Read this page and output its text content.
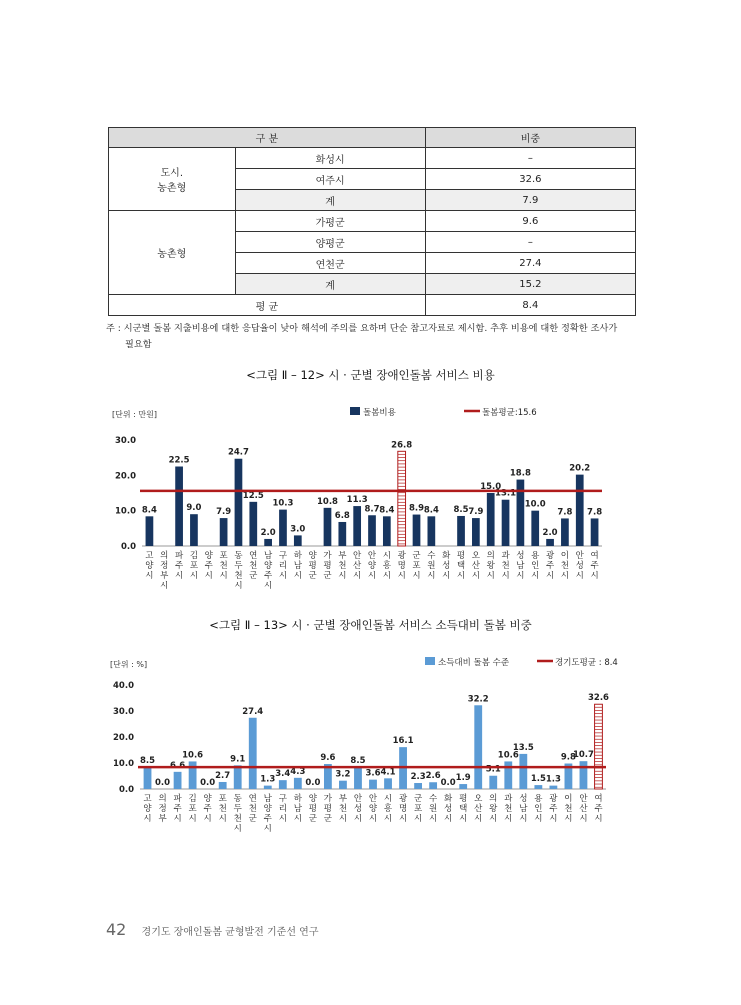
구 분		비중
도시.
농촌형	화성시	–
	여주시	32.6
	계	7.9
농촌형	가평군	9.6
	양평군	–
	연천군	27.4
	계	15.2
평 균		8.4
주 : 시군별 돌봄 지출비용에 대한 응답율이 낮아 해석에 주의를 요하며 단순 참고자료로 제시함. 추후 비용에 대한 정확한 조사가
필요함
<그림 Ⅱ – 12> 시 · 군별 장애인돌봄 서비스 비용
[단위 : 만원]	돌봄비용	돌봄평균:15.6
0.0
10.0
20.0
30.0
8.4
고 양 시
의 정 부 시
22.5
파 주 시
9.0
김 포 시
양 주 시
7.9
포 천 시
24.7
동 두 천 시
12.5
연 천 군
2.0
남 양 주 시
10.3
구 리 시
3.0
하 남 시
양 평 군
10.8
가 평 군
6.8
부 천 시
11.3
안 산 시
8.7
안 양 시
8.4
시 흥 시
26.8
광 명 시
8.9
군 포 시
8.4
수 원 시
화 성 시
8.5
평 택 시
7.9
오 산 시
15.0
의 왕 시
13.1
과 천 시
18.8
성 남 시
10.0
용 인 시
2.0
광 주 시
7.8
이 천 시
20.2
안 성 시
7.8
여 주 시
<그림 Ⅱ – 13> 시 · 군별 장애인돌봄 서비스 소득대비 돌봄 비중
[단위 : %]	소득대비 돌봄 수준	경기도평균 : 8.4
0.0
10.0
20.0
30.0
40.0
8.5
고 양 시
0.0
의 정 부
6.6
파 주 시
10.6
김 포 시
0.0
양 주 시
2.7
포 천 시
9.1
동 두 천 시
27.4
연 천 군
1.3
남 양 주 시
3.4
구 리 시
4.3
하 남 시
0.0
양 평 군
9.6
가 평 군
3.2
부 천 시
8.5
안 성 시
3.6
안 양 시
4.1
시 흥 시
16.1
광 명 시
2.3
군 포 시
2.6
수 원 시
0.0
화 성 시
1.9
평 택 시
32.2
오 산 시
5.1
의 왕 시
10.6
과 천 시
13.5
성 남 시
1.5
용 인 시
1.3
광 주 시
9.8
이 천 시
10.7
안 산 시
32.6
여 주 시
42 경기도 장애인돌봄 균형발전 기준선 연구
